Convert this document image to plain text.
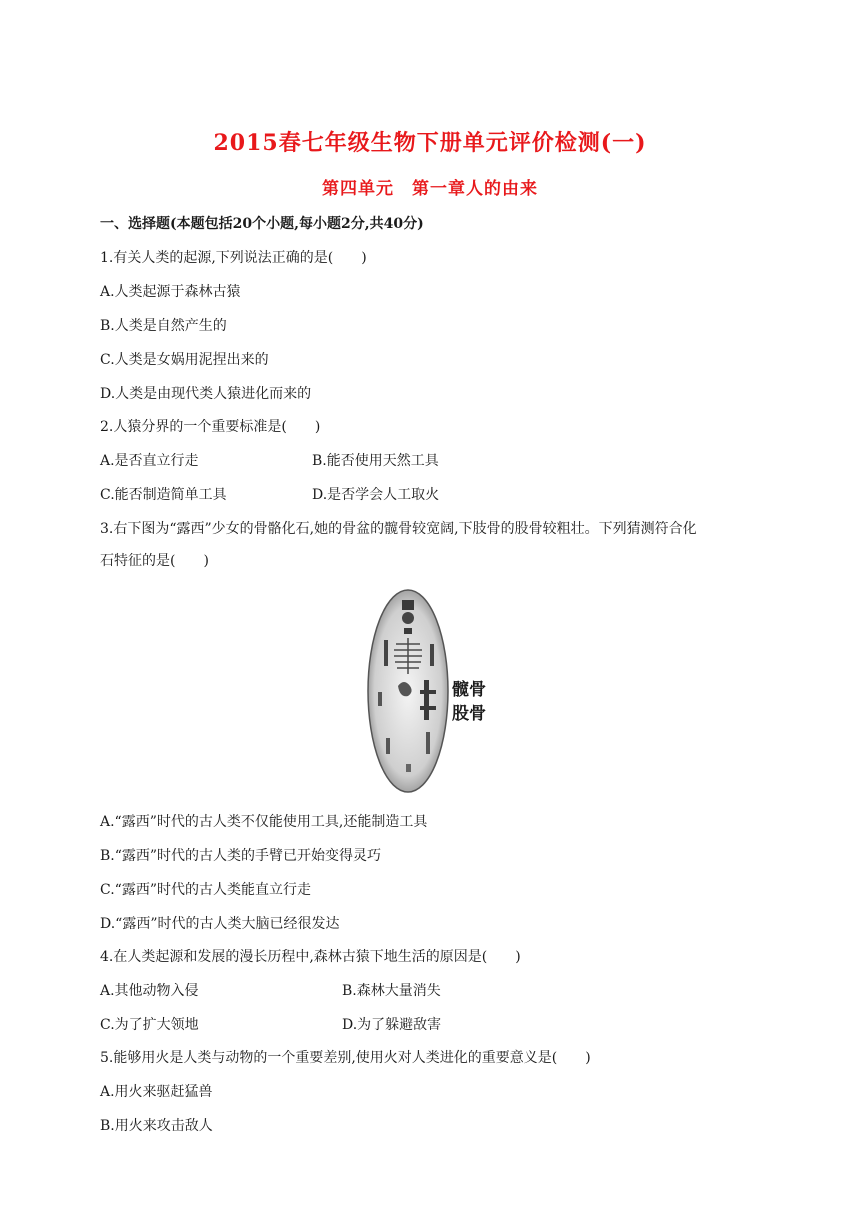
2015春七年级生物下册单元评价检测(一)
第四单元　第一章人的由来
一、选择题(本题包括20个小题,每小题2分,共40分)
1.有关人类的起源,下列说法正确的是(　　)
A.人类起源于森林古猿
B.人类是自然产生的
C.人类是女娲用泥捏出来的
D.人类是由现代类人猿进化而来的
2.人猿分界的一个重要标准是(　　)
A.是否直立行走	B.能否使用天然工具
C.能否制造简单工具	D.是否学会人工取火
3.右下图为“露西”少女的骨骼化石,她的骨盆的髋骨较宽阔,下肢骨的股骨较粗壮。下列猜测符合化
石特征的是(　　)
髋骨
股骨
A.“露西”时代的古人类不仅能使用工具,还能制造工具
B.“露西”时代的古人类的手臂已开始变得灵巧
C.“露西”时代的古人类能直立行走
D.“露西”时代的古人类大脑已经很发达
4.在人类起源和发展的漫长历程中,森林古猿下地生活的原因是(　　)
A.其他动物入侵	B.森林大量消失
C.为了扩大领地	D.为了躲避敌害
5.能够用火是人类与动物的一个重要差别,使用火对人类进化的重要意义是(　　)
A.用火来驱赶猛兽
B.用火来攻击敌人
